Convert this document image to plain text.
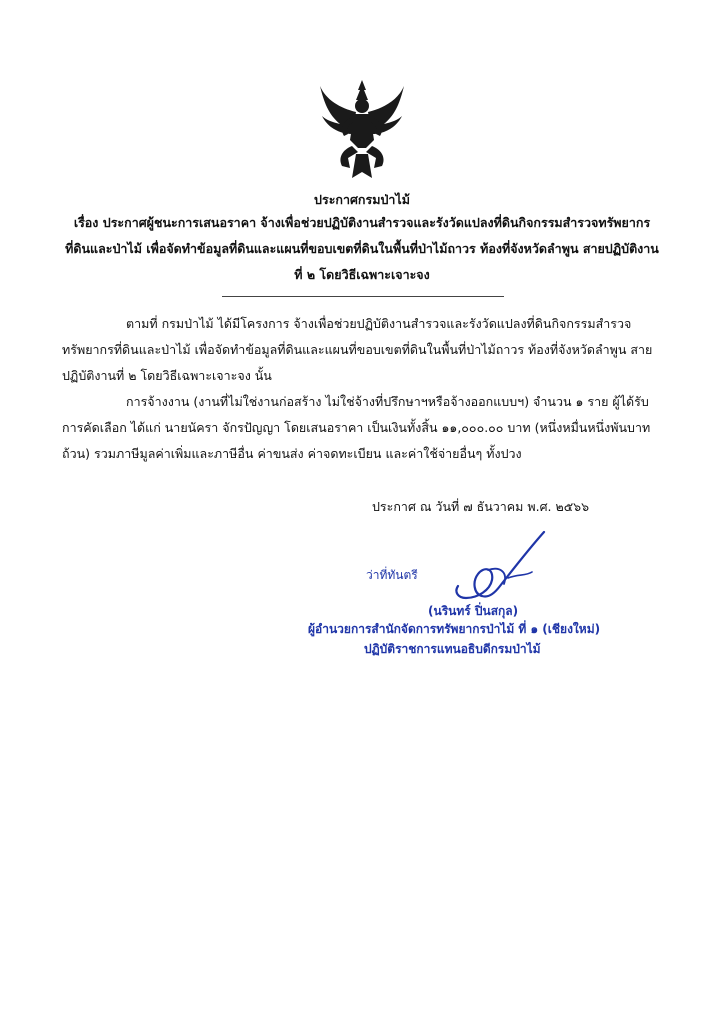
ประกาศกรมป่าไม้
เรื่อง ประกาศผู้ชนะการเสนอราคา จ้างเพื่อช่วยปฏิบัติงานสำรวจและรังวัดแปลงที่ดินกิจกรรมสำรวจทรัพยากรที่ดินและป่าไม้ เพื่อจัดทำข้อมูลที่ดินและแผนที่ขอบเขตที่ดินในพื้นที่ป่าไม้ถาวร ท้องที่จังหวัดลำพูน สายปฏิบัติงานที่ ๒ โดยวิธีเฉพาะเจาะจง
ตามที่ กรมป่าไม้ ได้มีโครงการ จ้างเพื่อช่วยปฏิบัติงานสำรวจและรังวัดแปลงที่ดินกิจกรรมสำรวจทรัพยากรที่ดินและป่าไม้ เพื่อจัดทำข้อมูลที่ดินและแผนที่ขอบเขตที่ดินในพื้นที่ป่าไม้ถาวร ท้องที่จังหวัดลำพูน สายปฏิบัติงานที่ ๒ โดยวิธีเฉพาะเจาะจง นั้น
การจ้างงาน (งานที่ไม่ใช่งานก่อสร้าง ไม่ใช่จ้างที่ปรึกษาฯหรือจ้างออกแบบฯ) จำนวน ๑ ราย ผู้ได้รับการคัดเลือก ได้แก่ นายนัครา จักรปัญญา โดยเสนอราคา เป็นเงินทั้งสิ้น ๑๑,๐๐๐.๐๐ บาท (หนึ่งหมื่นหนึ่งพันบาทถ้วน) รวมภาษีมูลค่าเพิ่มและภาษีอื่น ค่าขนส่ง ค่าจดทะเบียน และค่าใช้จ่ายอื่นๆ ทั้งปวง
ประกาศ ณ วันที่ ๗ ธันวาคม พ.ศ. ๒๕๖๖
ว่าที่ทันตรี
(นรินทร์ ปิ่นสกุล)
ผู้อำนวยการสำนักจัดการทรัพยากรป่าไม้ ที่ ๑ (เชียงใหม่)
ปฏิบัติราชการแทนอธิบดีกรมป่าไม้
